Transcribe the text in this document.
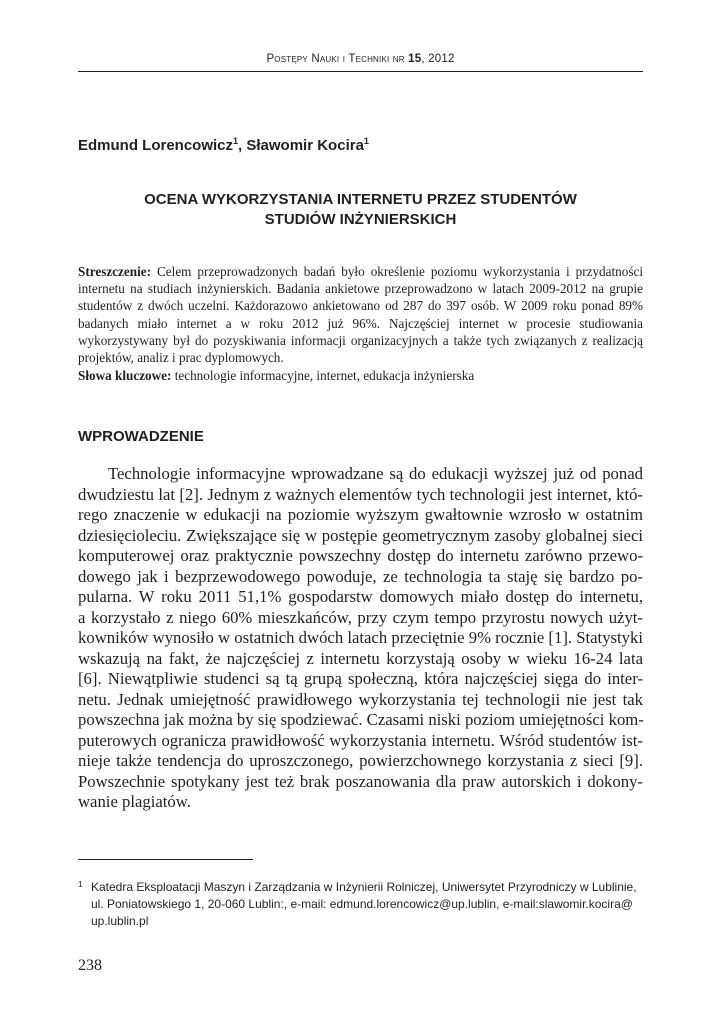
Postępy Nauki i Techniki nr 15, 2012
Edmund Lorencowicz$^1$, Sławomir Kocira$^1$
OCENA WYKORZYSTANIA INTERNETU PRZEZ STUDENTÓW
STUDIÓW INŻYNIERSKICH

Streszczenie: Celem przeprowadzonych badań było określenie poziomu wykorzystania i przydatności internetu na studiach inżynierskich. Badania ankietowe przeprowadzono w latach 2009-2012 na grupie studentów z dwóch uczelni. Każdorazowo ankietowano od 287 do 397 osób. W 2009 roku ponad 89% badanych miało internet a w roku 2012 już 96%. Najczęściej internet w procesie studiowania wykorzystywany był do pozyskiwania informacji organizacyjnych a także tych związanych z realizacją projektów, analiz i prac dyplomowych.

Słowa kluczowe: technologie informacyjne, internet, edukacja inżynierska

WPROWADZENIE
Technologie informacyjne wprowadzane są do edukacji wyższej już od ponad
dwudziestu lat [2]. Jednym z ważnych elementów tych technologii jest internet, któ-
rego znaczenie w edukacji na poziomie wyższym gwałtownie wzrosło w ostatnim
dziesięcioleciu. Zwiększające się w postępie geometrycznym zasoby globalnej sieci
komputerowej oraz praktycznie powszechny dostęp do internetu zarówno przewo-
dowego jak i bezprzewodowego powoduje, ze technologia ta staję się bardzo po-
pularna. W roku 2011 51,1% gospodarstw domowych miało dostęp do internetu,
a korzystało z niego 60% mieszkańców, przy czym tempo przyrostu nowych użyt-
kowników wynosiło w ostatnich dwóch latach przeciętnie 9% rocznie [1]. Statystyki
wskazują na fakt, że najczęściej z internetu korzystają osoby w wieku 16-24 lata
[6]. Niewątpliwie studenci są tą grupą społeczną, która najczęściej sięga do inter-
netu. Jednak umiejętność prawidłowego wykorzystania tej technologii nie jest tak
powszechna jak można by się spodziewać. Czasami niski poziom umiejętności kom-
puterowych ogranicza prawidłowość wykorzystania internetu. Wśród studentów ist-
nieje także tendencja do uproszczonego, powierzchownego korzystania z sieci [9].
Powszechnie spotykany jest też brak poszanowania dla praw autorskich i dokony-
wanie plagiatów.
1 Katedra Eksploatacji Maszyn i Zarządzania w Inżynierii Rolniczej, Uniwersytet Przyrodniczy w Lublinie,
ul. Poniatowskiego 1, 20-060 Lublin:, e-mail: edmund.lorencowicz@up.lublin, e-mail:slawomir.kocira@
up.lublin.pl
238
